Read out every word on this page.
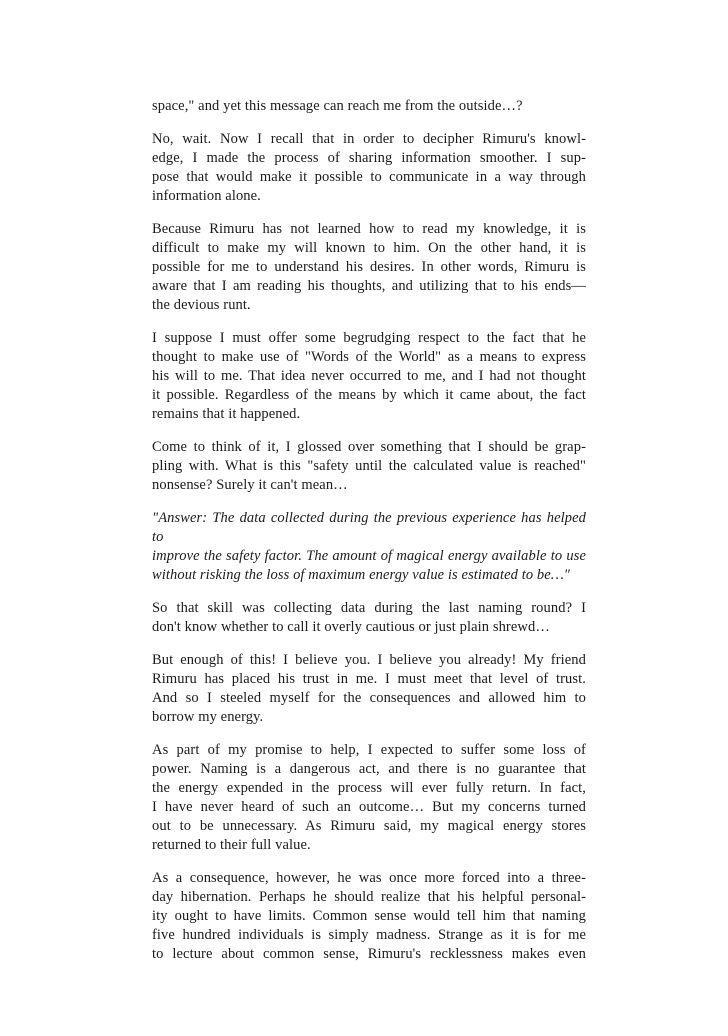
space," and yet this message can reach me from the outside…?
No, wait. Now I recall that in order to decipher Rimuru's knowl-
edge, I made the process of sharing information smoother. I sup-
pose that would make it possible to communicate in a way through
information alone.
Because Rimuru has not learned how to read my knowledge, it is
difficult to make my will known to him. On the other hand, it is
possible for me to understand his desires. In other words, Rimuru is
aware that I am reading his thoughts, and utilizing that to his ends—
the devious runt.
I suppose I must offer some begrudging respect to the fact that he
thought to make use of "Words of the World" as a means to express
his will to me. That idea never occurred to me, and I had not thought
it possible. Regardless of the means by which it came about, the fact
remains that it happened.
Come to think of it, I glossed over something that I should be grap-
pling with. What is this "safety until the calculated value is reached"
nonsense? Surely it can't mean…
"Answer: The data collected during the previous experience has helped to
improve the safety factor. The amount of magical energy available to use
without risking the loss of maximum energy value is estimated to be…"
So that skill was collecting data during the last naming round? I
don't know whether to call it overly cautious or just plain shrewd…
But enough of this! I believe you. I believe you already! My friend
Rimuru has placed his trust in me. I must meet that level of trust.
And so I steeled myself for the consequences and allowed him to
borrow my energy.
As part of my promise to help, I expected to suffer some loss of
power. Naming is a dangerous act, and there is no guarantee that
the energy expended in the process will ever fully return. In fact,
I have never heard of such an outcome… But my concerns turned
out to be unnecessary. As Rimuru said, my magical energy stores
returned to their full value.
As a consequence, however, he was once more forced into a three-
day hibernation. Perhaps he should realize that his helpful personal-
ity ought to have limits. Common sense would tell him that naming
five hundred individuals is simply madness. Strange as it is for me
to lecture about common sense, Rimuru's recklessness makes even
